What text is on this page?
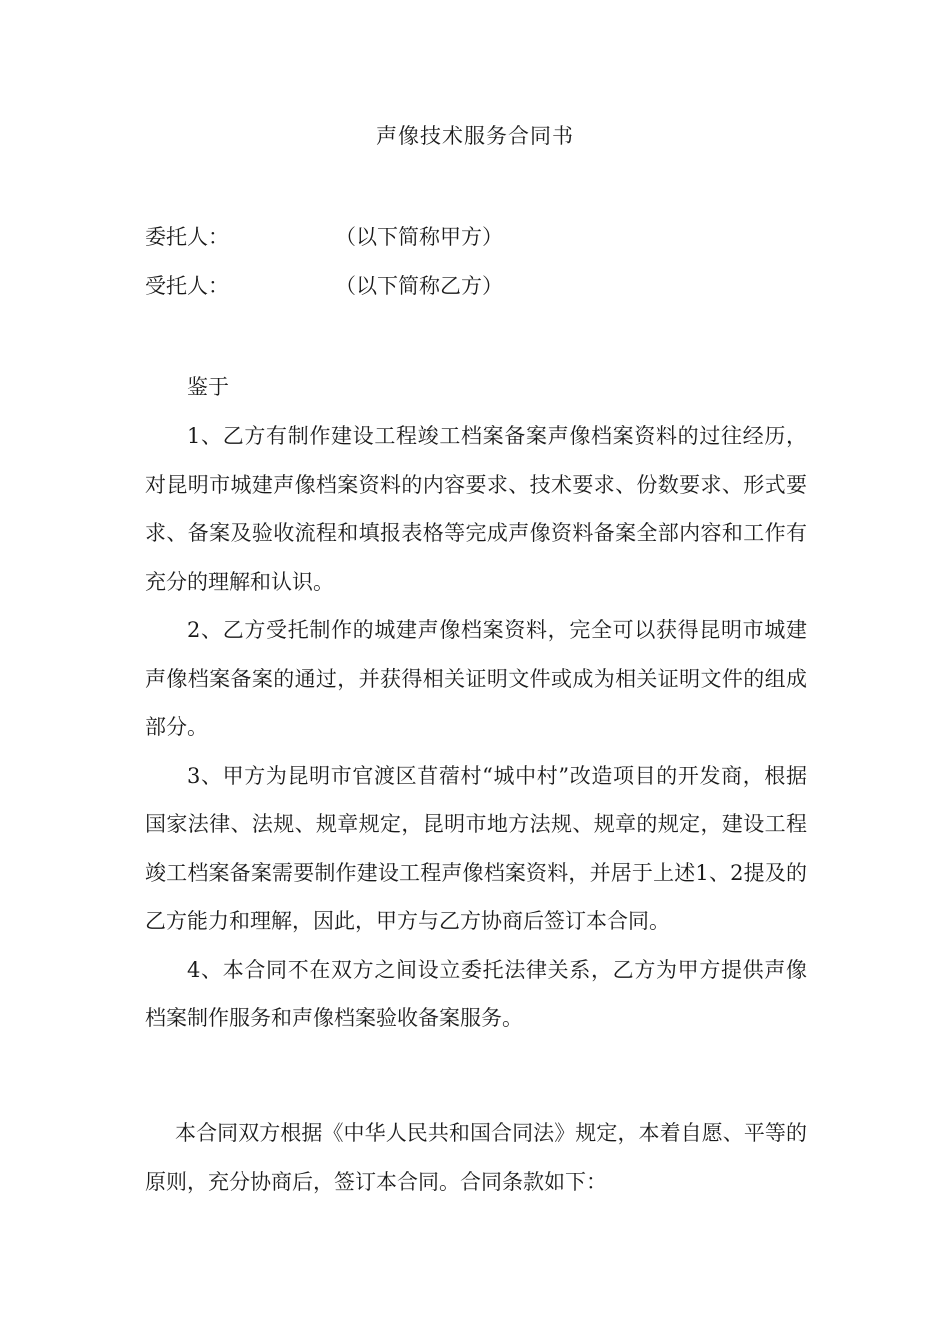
声像技术服务合同书
委托人：	（以下简称甲方）
受托人：	（以下简称乙方）

鉴于

1、乙方有制作建设工程竣工档案备案声像档案资料的过往经历，对昆明市城建声像档案资料的内容要求、技术要求、份数要求、形式要求、备案及验收流程和填报表格等完成声像资料备案全部内容和工作有充分的理解和认识。

2、乙方受托制作的城建声像档案资料，完全可以获得昆明市城建声像档案备案的通过，并获得相关证明文件或成为相关证明文件的组成部分。

3、甲方为昆明市官渡区苜蓿村“城中村”改造项目的开发商，根据国家法律、法规、规章规定，昆明市地方法规、规章的规定，建设工程竣工档案备案需要制作建设工程声像档案资料，并居于上述1、2提及的乙方能力和理解，因此，甲方与乙方协商后签订本合同。

4、本合同不在双方之间设立委托法律关系，乙方为甲方提供声像档案制作服务和声像档案验收备案服务。

本合同双方根据《中华人民共和国合同法》规定，本着自愿、平等的原则，充分协商后，签订本合同。合同条款如下：
